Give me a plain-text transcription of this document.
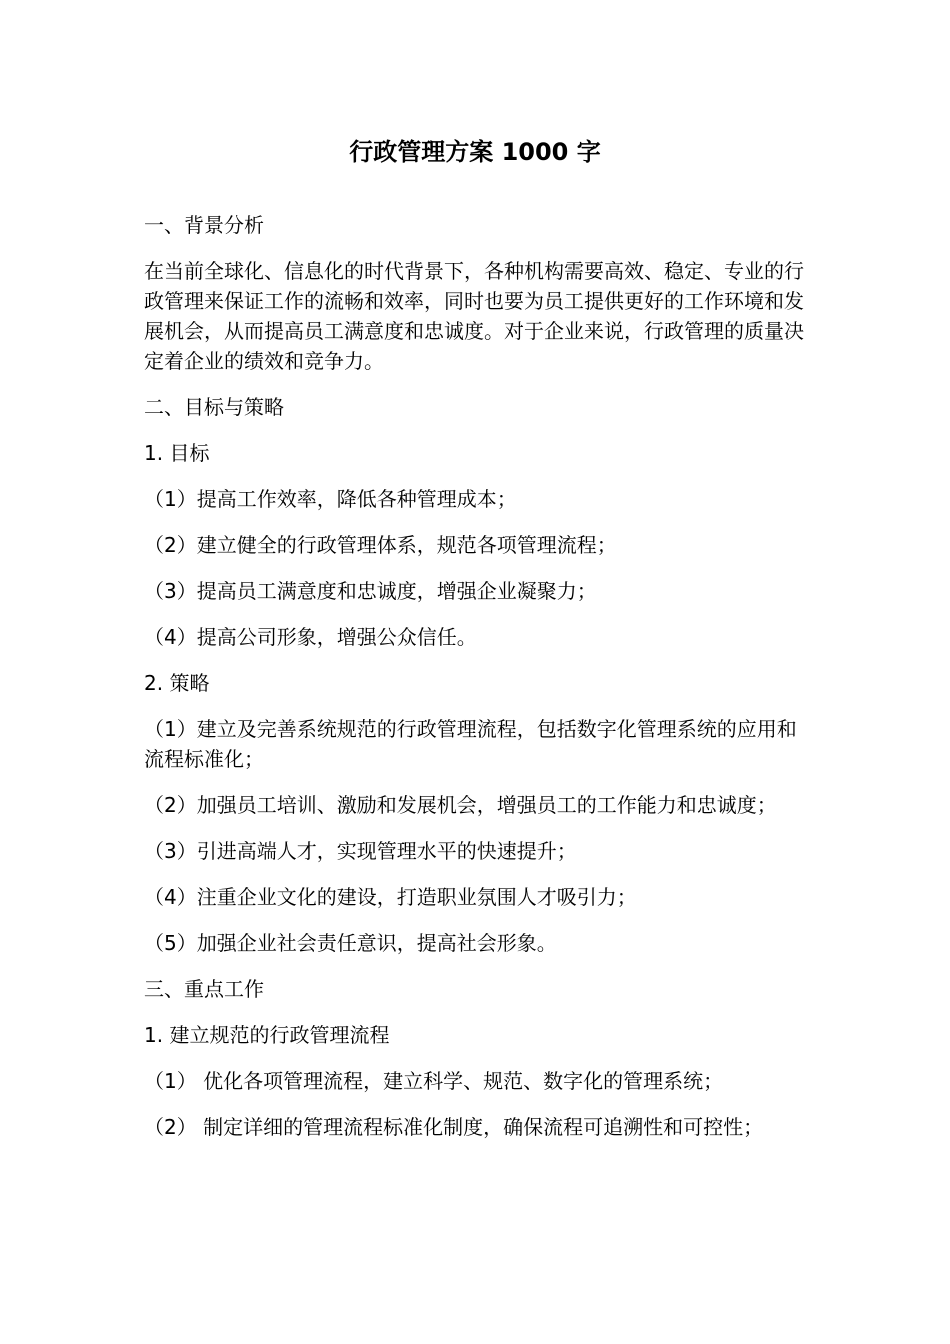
行政管理方案 1000 字

一、背景分析

在当前全球化、信息化的时代背景下，各种机构需要高效、稳定、专业的行政管理来保证工作的流畅和效率，同时也要为员工提供更好的工作环境和发展机会，从而提高员工满意度和忠诚度。对于企业来说，行政管理的质量决定着企业的绩效和竞争力。

二、目标与策略

1. 目标

（1）提高工作效率，降低各种管理成本；

（2）建立健全的行政管理体系，规范各项管理流程；

（3）提高员工满意度和忠诚度，增强企业凝聚力；

（4）提高公司形象，增强公众信任。

2. 策略

（1）建立及完善系统规范的行政管理流程，包括数字化管理系统的应用和流程标准化；

（2）加强员工培训、激励和发展机会，增强员工的工作能力和忠诚度；

（3）引进高端人才，实现管理水平的快速提升；

（4）注重企业文化的建设，打造职业氛围人才吸引力；

（5）加强企业社会责任意识，提高社会形象。

三、重点工作

1. 建立规范的行政管理流程

（1） 优化各项管理流程，建立科学、规范、数字化的管理系统；

（2） 制定详细的管理流程标准化制度，确保流程可追溯性和可控性；
